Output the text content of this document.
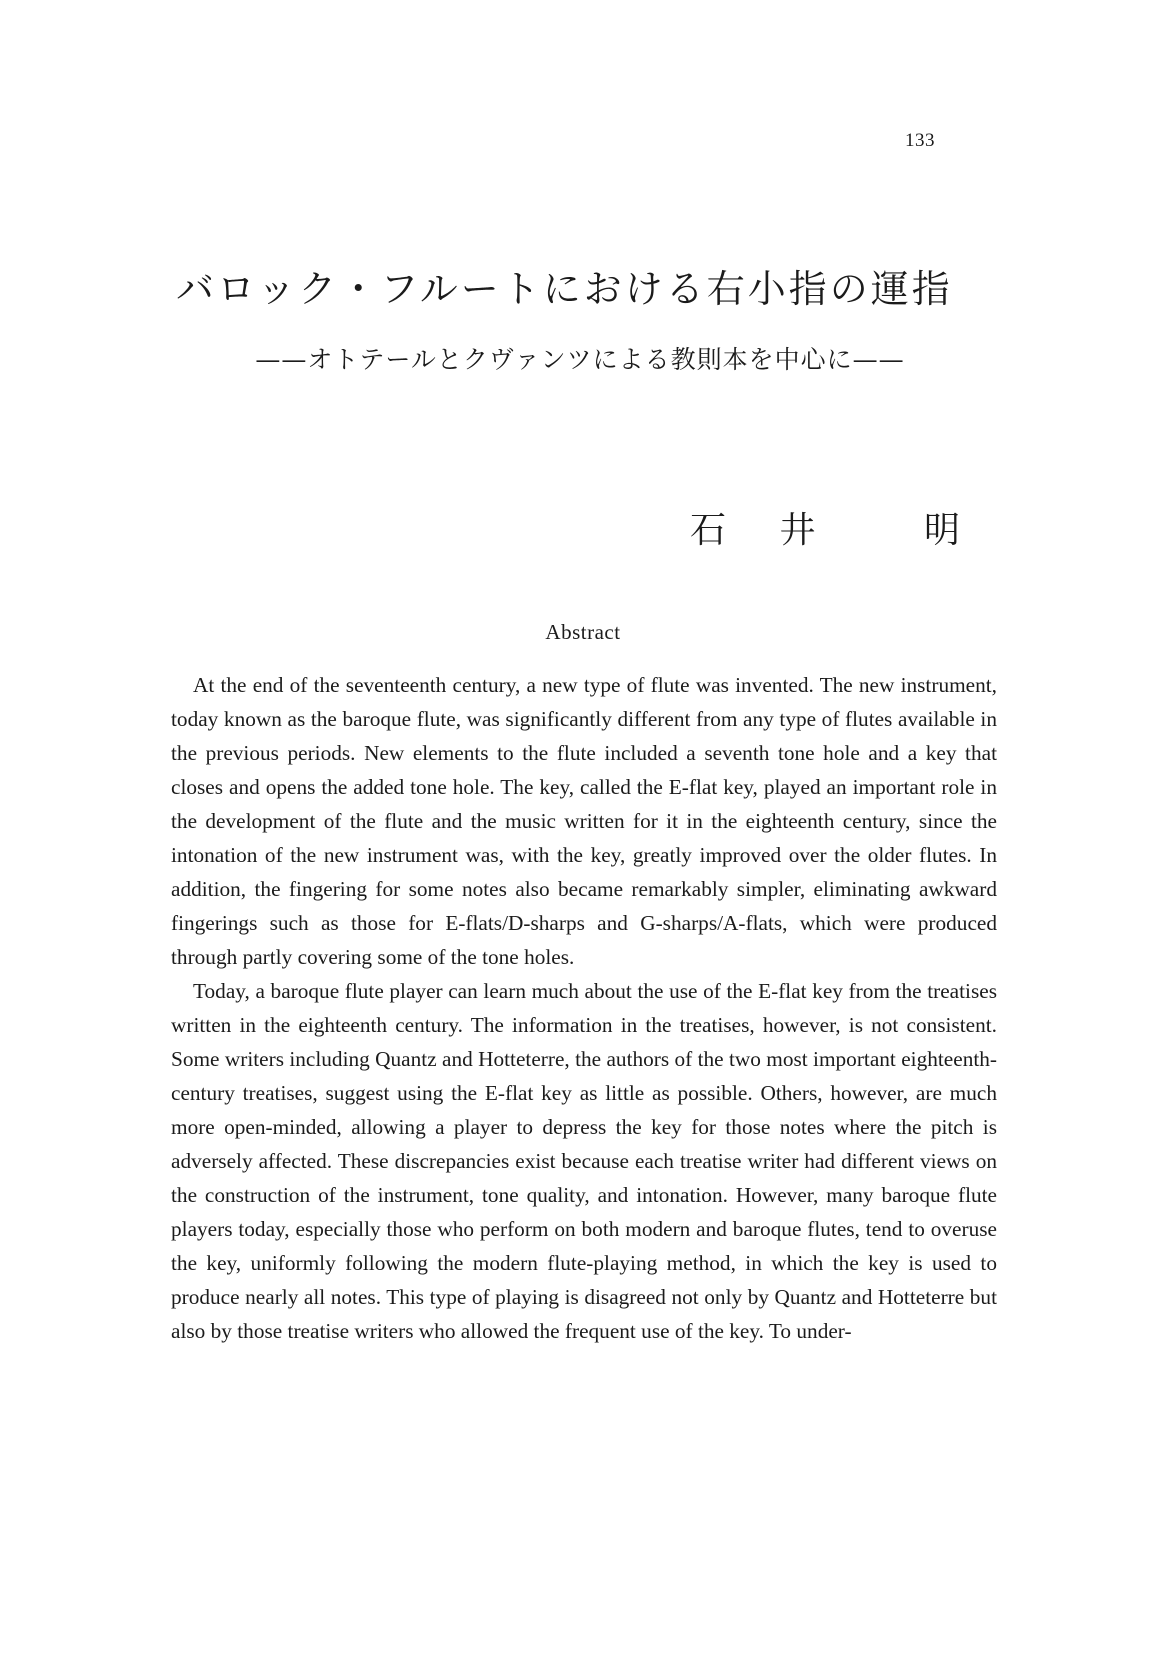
133
バロック・フルートにおける右小指の運指
——オトテールとクヴァンツによる教則本を中心に——
石 井	明
Abstract

At the end of the seventeenth century, a new type of flute was invented. The new instrument, today known as the baroque flute, was significantly different from any type of flutes available in the previous periods. New elements to the flute included a seventh tone hole and a key that closes and opens the added tone hole. The key, called the E-flat key, played an important role in the development of the flute and the music written for it in the eighteenth century, since the intonation of the new instrument was, with the key, greatly improved over the older flutes. In addition, the fingering for some notes also became remarkably simpler, eliminating awkward fingerings such as those for E-flats/D-sharps and G-sharps/A-flats, which were produced through partly covering some of the tone holes.

Today, a baroque flute player can learn much about the use of the E-flat key from the treatises written in the eighteenth century. The information in the treatises, however, is not consistent. Some writers including Quantz and Hotteterre, the authors of the two most important eighteenth-century treatises, suggest using the E-flat key as little as possible. Others, however, are much more open-minded, allowing a player to depress the key for those notes where the pitch is adversely affected. These discrepancies exist because each treatise writer had different views on the construction of the instrument, tone quality, and intonation. However, many baroque flute players today, especially those who perform on both modern and baroque flutes, tend to overuse the key, uniformly following the modern flute-playing method, in which the key is used to produce nearly all notes. This type of playing is disagreed not only by Quantz and Hotteterre but also by those treatise writers who allowed the frequent use of the key. To under-
